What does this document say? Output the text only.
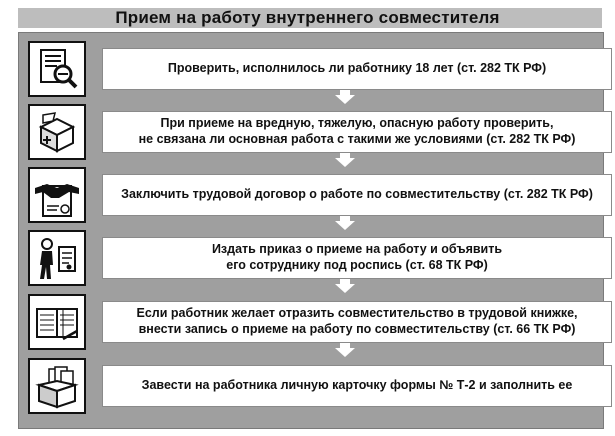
Прием на работу внутреннего совместителя
Проверить, исполнилось ли работнику 18 лет (ст. 282 ТК РФ)
При приеме на вредную, тяжелую, опасную работу проверить,
не связана ли основная работа с такими же условиями (ст. 282 ТК РФ)
Заключить трудовой договор о работе по совместительству (ст. 282 ТК РФ)
Издать приказ о приеме на работу и объявить
его сотруднику под роспись (ст. 68 ТК РФ)
Если работник желает отразить совместительство в трудовой книжке,
внести запись о приеме на работу по совместительству (ст. 66 ТК РФ)
Завести на работника личную карточку формы № Т-2 и заполнить ее
